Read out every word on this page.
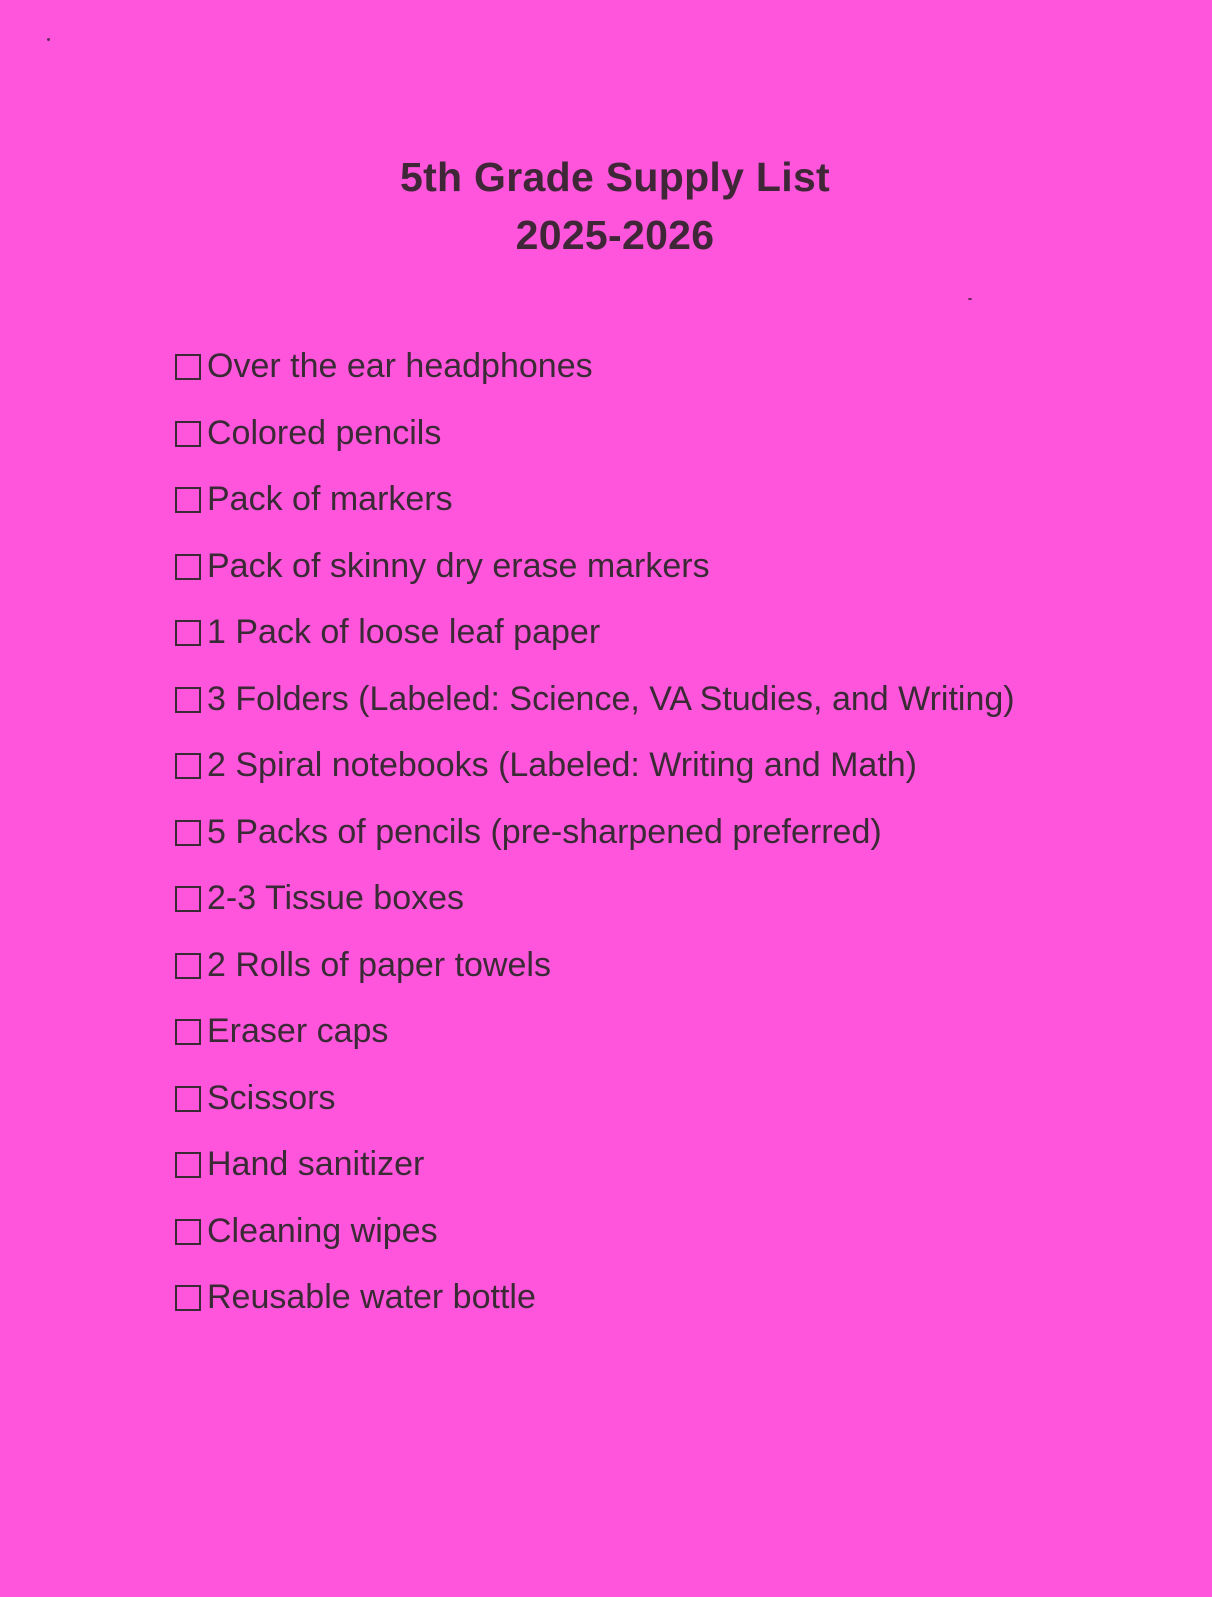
5th Grade Supply List
2025-2026
Over the ear headphones
Colored pencils
Pack of markers
Pack of skinny dry erase markers
1 Pack of loose leaf paper
3 Folders (Labeled: Science, VA Studies, and Writing)
2 Spiral notebooks (Labeled: Writing and Math)
5 Packs of pencils (pre-sharpened preferred)
2-3 Tissue boxes
2 Rolls of paper towels
Eraser caps
Scissors
Hand sanitizer
Cleaning wipes
Reusable water bottle
